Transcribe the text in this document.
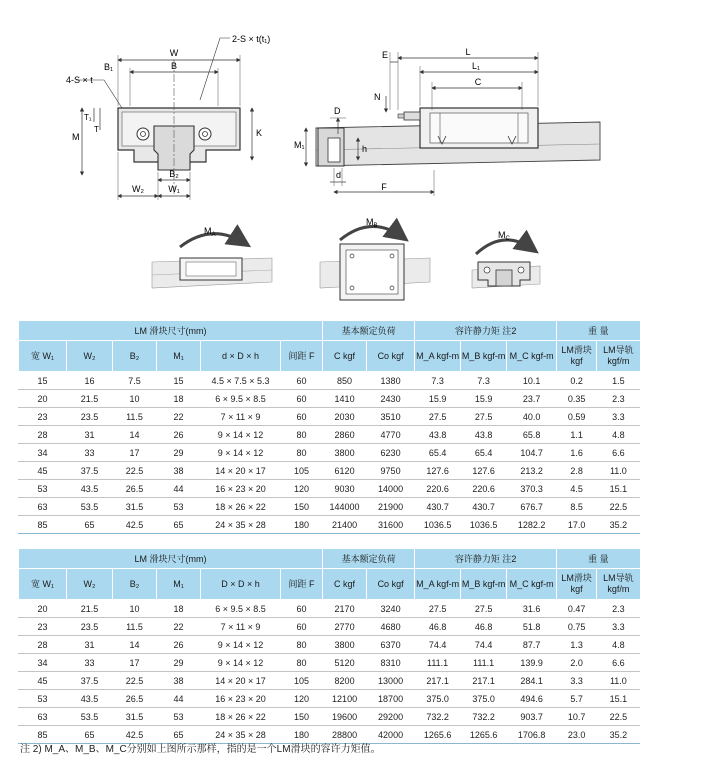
2-S × t(t₁)
W
B
B₁
4-S × t
T₁
T
M	K
B₂
W₂	W₁
E	L
L₁
C
N
D
h
M₁
d
F
$M_A$
$M_B$
$M_C$
LM 滑块尺寸(mm)						基本额定负荷		容许静力矩 注2			重 量	
宽 W₁	W₂	B₂	M₁	d × D × h	间距 F	C kgf	Co kgf	M_A kgf-m	M_B kgf-m	M_C kgf-m	LM滑块 kgf	LM导轨 kgf/m
15	16	7.5	15	4.5 × 7.5 × 5.3	60	850	1380	7.3	7.3	10.1	0.2	1.5
20	21.5	10	18	6 × 9.5 × 8.5	60	1410	2430	15.9	15.9	23.7	0.35	2.3
23	23.5	11.5	22	7 × 11 × 9	60	2030	3510	27.5	27.5	40.0	0.59	3.3
28	31	14	26	9 × 14 × 12	80	2860	4770	43.8	43.8	65.8	1.1	4.8
34	33	17	29	9 × 14 × 12	80	3800	6230	65.4	65.4	104.7	1.6	6.6
45	37.5	22.5	38	14 × 20 × 17	105	6120	9750	127.6	127.6	213.2	2.8	11.0
53	43.5	26.5	44	16 × 23 × 20	120	9030	14000	220.6	220.6	370.3	4.5	15.1
63	53.5	31.5	53	18 × 26 × 22	150	144000	21900	430.7	430.7	676.7	8.5	22.5
85	65	42.5	65	24 × 35 × 28	180	21400	31600	1036.5	1036.5	1282.2	17.0	35.2
LM 滑块尺寸(mm)						基本额定负荷		容许静力矩 注2			重 量	
宽 W₁	W₂	B₂	M₁	D × D × h	间距 F	C kgf	Co kgf	M_A kgf-m	M_B kgf-m	M_C kgf-m	LM滑块 kgf	LM导轨 kgf/m
20	21.5	10	18	6 × 9.5 × 8.5	60	2170	3240	27.5	27.5	31.6	0.47	2.3
23	23.5	11.5	22	7 × 11 × 9	60	2770	4680	46.8	46.8	51.8	0.75	3.3
28	31	14	26	9 × 14 × 12	80	3800	6370	74.4	74.4	87.7	1.3	4.8
34	33	17	29	9 × 14 × 12	80	5120	8310	111.1	111.1	139.9	2.0	6.6
45	37.5	22.5	38	14 × 20 × 17	105	8200	13000	217.1	217.1	284.1	3.3	11.0
53	43.5	26.5	44	16 × 23 × 20	120	12100	18700	375.0	375.0	494.6	5.7	15.1
63	53.5	31.5	53	18 × 26 × 22	150	19600	29200	732.2	732.2	903.7	10.7	22.5
85	65	42.5	65	24 × 35 × 28	180	28800	42000	1265.6	1265.6	1706.8	23.0	35.2
注 2) M_A、M_B、M_C分别如上图所示那样，指的是一个LM滑块的容许力矩值。
